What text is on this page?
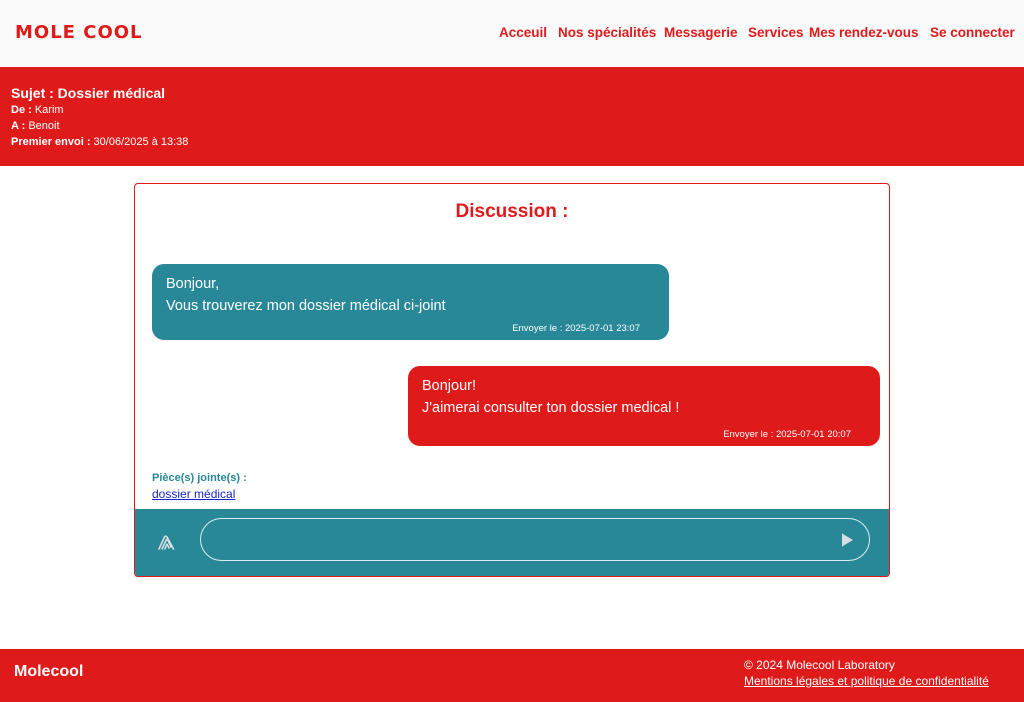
MOLE COOL	Acceuil Nos spécialités Messagerie Services Mes rendez-vous Se connecter
Sujet : Dossier médical
De : Karim
A : Benoit
Premier envoi : 30/06/2025 à 13:38
Discussion :
Bonjour,
Vous trouverez mon dossier médical ci-joint
Envoyer le : 2025-07-01 23:07
Bonjour!
J'aimerai consulter ton dossier medical !
Envoyer le : 2025-07-01 20:07
Pièce(s) jointe(s) :
dossier médical
Molecool	© 2024 Molecool Laboratory
Mentions légales et politique de confidentialité
